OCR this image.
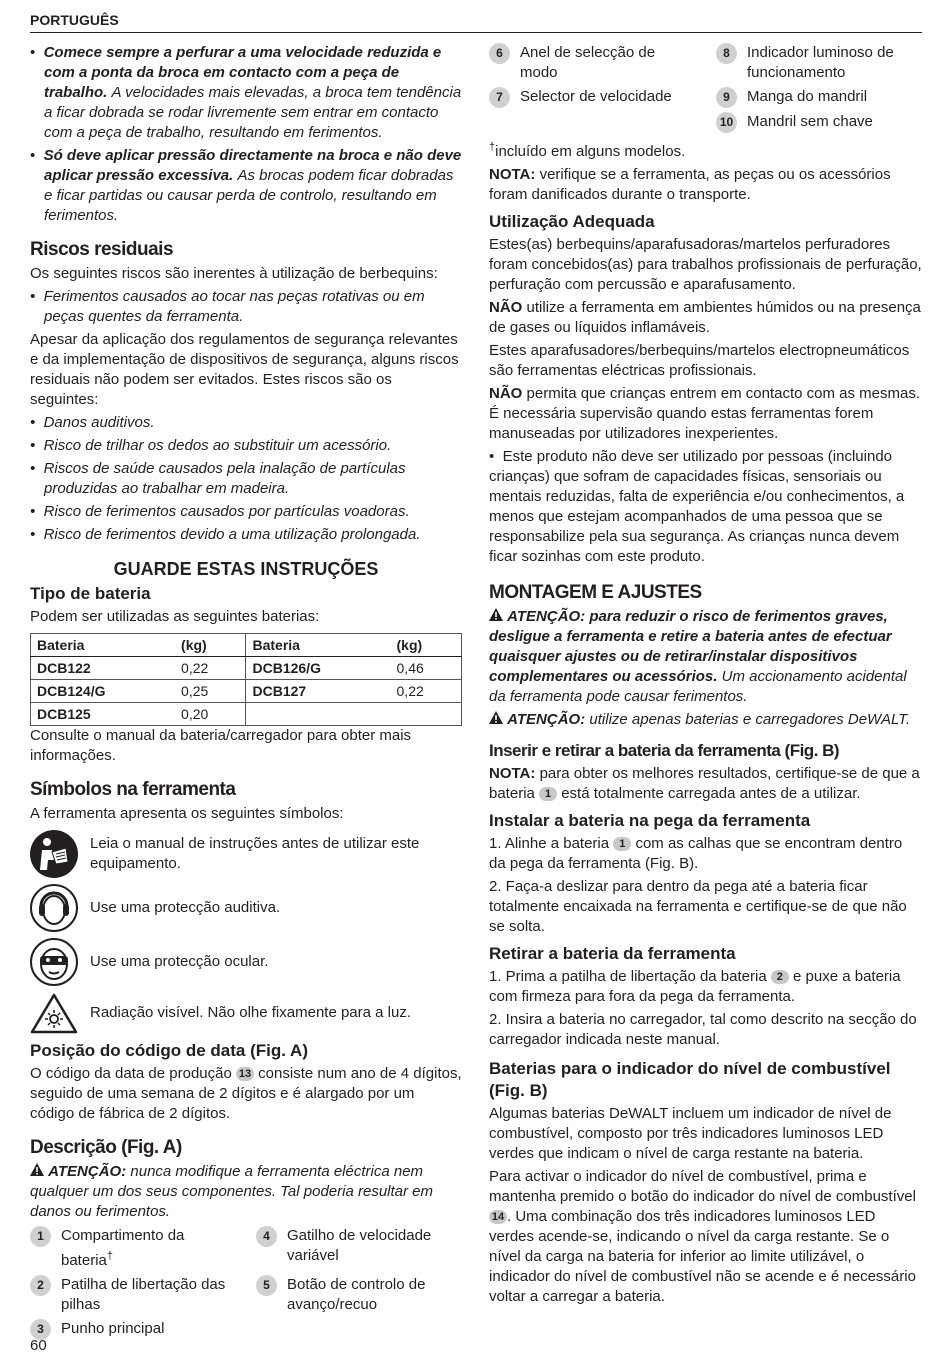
PORTUGUÊS

•  Comece sempre a perfurar a uma velocidade reduzida e com a ponta da broca em contacto com a peça de trabalho. A velocidades mais elevadas, a broca tem tendência a ficar dobrada se rodar livremente sem entrar em contacto com a peça de trabalho, resultando em ferimentos.

•  Só deve aplicar pressão directamente na broca e não deve aplicar pressão excessiva. As brocas podem ficar dobradas e ficar partidas ou causar perda de controlo, resultando em ferimentos.

Riscos residuais

Os seguintes riscos são inerentes à utilização de berbequins:

•  Ferimentos causados ao tocar nas peças rotativas ou em peças quentes da ferramenta.

Apesar da aplicação dos regulamentos de segurança relevantes e da implementação de dispositivos de segurança, alguns riscos residuais não podem ser evitados. Estes riscos são os seguintes:

•  Danos auditivos.

•  Risco de trilhar os dedos ao substituir um acessório.

•  Riscos de saúde causados pela inalação de partículas produzidas ao trabalhar em madeira.

•  Risco de ferimentos causados por partículas voadoras.

•  Risco de ferimentos devido a uma utilização prolongada.

GUARDE ESTAS INSTRUÇÕES
Tipo de bateria

Podem ser utilizadas as seguintes baterias:

Bateria	(kg)	Bateria	(kg)
DCB122	0,22	DCB126/G	0,46
DCB124/G	0,25	DCB127	0,22
DCB125	0,20		

Consulte o manual da bateria/carregador para obter mais informações.

Símbolos na ferramenta

A ferramenta apresenta os seguintes símbolos:

Leia o manual de instruções antes de utilizar este equipamento.

Use uma protecção auditiva.

Use uma protecção ocular.

Radiação visível. Não olhe fixamente para a luz.

Posição do código de data (Fig. A)

O código da data de produção 13 consiste num ano de 4 dígitos, seguido de uma semana de 2 dígitos e é alargado por um código de fábrica de 2 dígitos.

Descrição (Fig. A)

ATENÇÃO: nunca modifique a ferramenta eléctrica nem qualquer um dos seus componentes. Tal poderia resultar em danos ou ferimentos.

1	Compartimento da bateria†
4	Gatilho de velocidade variável
2	Patilha de libertação das pilhas
5	Botão de controlo de avanço/recuo
3	Punho principal
6	Anel de selecção de modo
8	Indicador luminoso de funcionamento
7	Selector de velocidade	9	Manga do mandril
10 Mandril sem chave

†incluído em alguns modelos.

NOTA: verifique se a ferramenta, as peças ou os acessórios foram danificados durante o transporte.

Utilização Adequada

Estes(as) berbequins/aparafusadoras/martelos perfuradores foram concebidos(as) para trabalhos profissionais de perfuração, perfuração com percussão e aparafusamento.

NÃO utilize a ferramenta em ambientes húmidos ou na presença de gases ou líquidos inflamáveis.

Estes aparafusadores/berbequins/martelos electropneumáticos são ferramentas eléctricas profissionais.

NÃO permita que crianças entrem em contacto com as mesmas. É necessária supervisão quando estas ferramentas forem manuseadas por utilizadores inexperientes.

•  Este produto não deve ser utilizado por pessoas (incluindo crianças) que sofram de capacidades físicas, sensoriais ou mentais reduzidas, falta de experiência e/ou conhecimentos, a menos que estejam acompanhados de uma pessoa que se responsabilize pela sua segurança. As crianças nunca devem ficar sozinhas com este produto.

MONTAGEM E AJUSTES

ATENÇÃO: para reduzir o risco de ferimentos graves, desligue a ferramenta e retire a bateria antes de efectuar quaisquer ajustes ou de retirar/instalar dispositivos complementares ou acessórios. Um accionamento acidental da ferramenta pode causar ferimentos.

ATENÇÃO: utilize apenas baterias e carregadores DeWALT.

Inserir e retirar a bateria da ferramenta (Fig. B)

NOTA: para obter os melhores resultados, certifique-se de que a bateria 1 está totalmente carregada antes de a utilizar.

Instalar a bateria na pega da ferramenta

1. Alinhe a bateria 1 com as calhas que se encontram dentro da pega da ferramenta (Fig. B).

2. Faça-a deslizar para dentro da pega até a bateria ficar totalmente encaixada na ferramenta e certifique-se de que não se solta.

Retirar a bateria da ferramenta

1. Prima a patilha de libertação da bateria 2 e puxe a bateria com firmeza para fora da pega da ferramenta.

2. Insira a bateria no carregador, tal como descrito na secção do carregador indicada neste manual.

Baterias para o indicador do nível de combustível (Fig. B)

Algumas baterias DeWALT incluem um indicador de nível de combustível, composto por três indicadores luminosos LED verdes que indicam o nível de carga restante na bateria.

Para activar o indicador do nível de combustível, prima e mantenha premido o botão do indicador do nível de combustível 14 . Uma combinação dos três indicadores luminosos LED verdes acende-se, indicando o nível da carga restante. Se o nível da carga na bateria for inferior ao limite utilizável, o indicador do nível de combustível não se acende e é necessário voltar a carregar a bateria.

60
